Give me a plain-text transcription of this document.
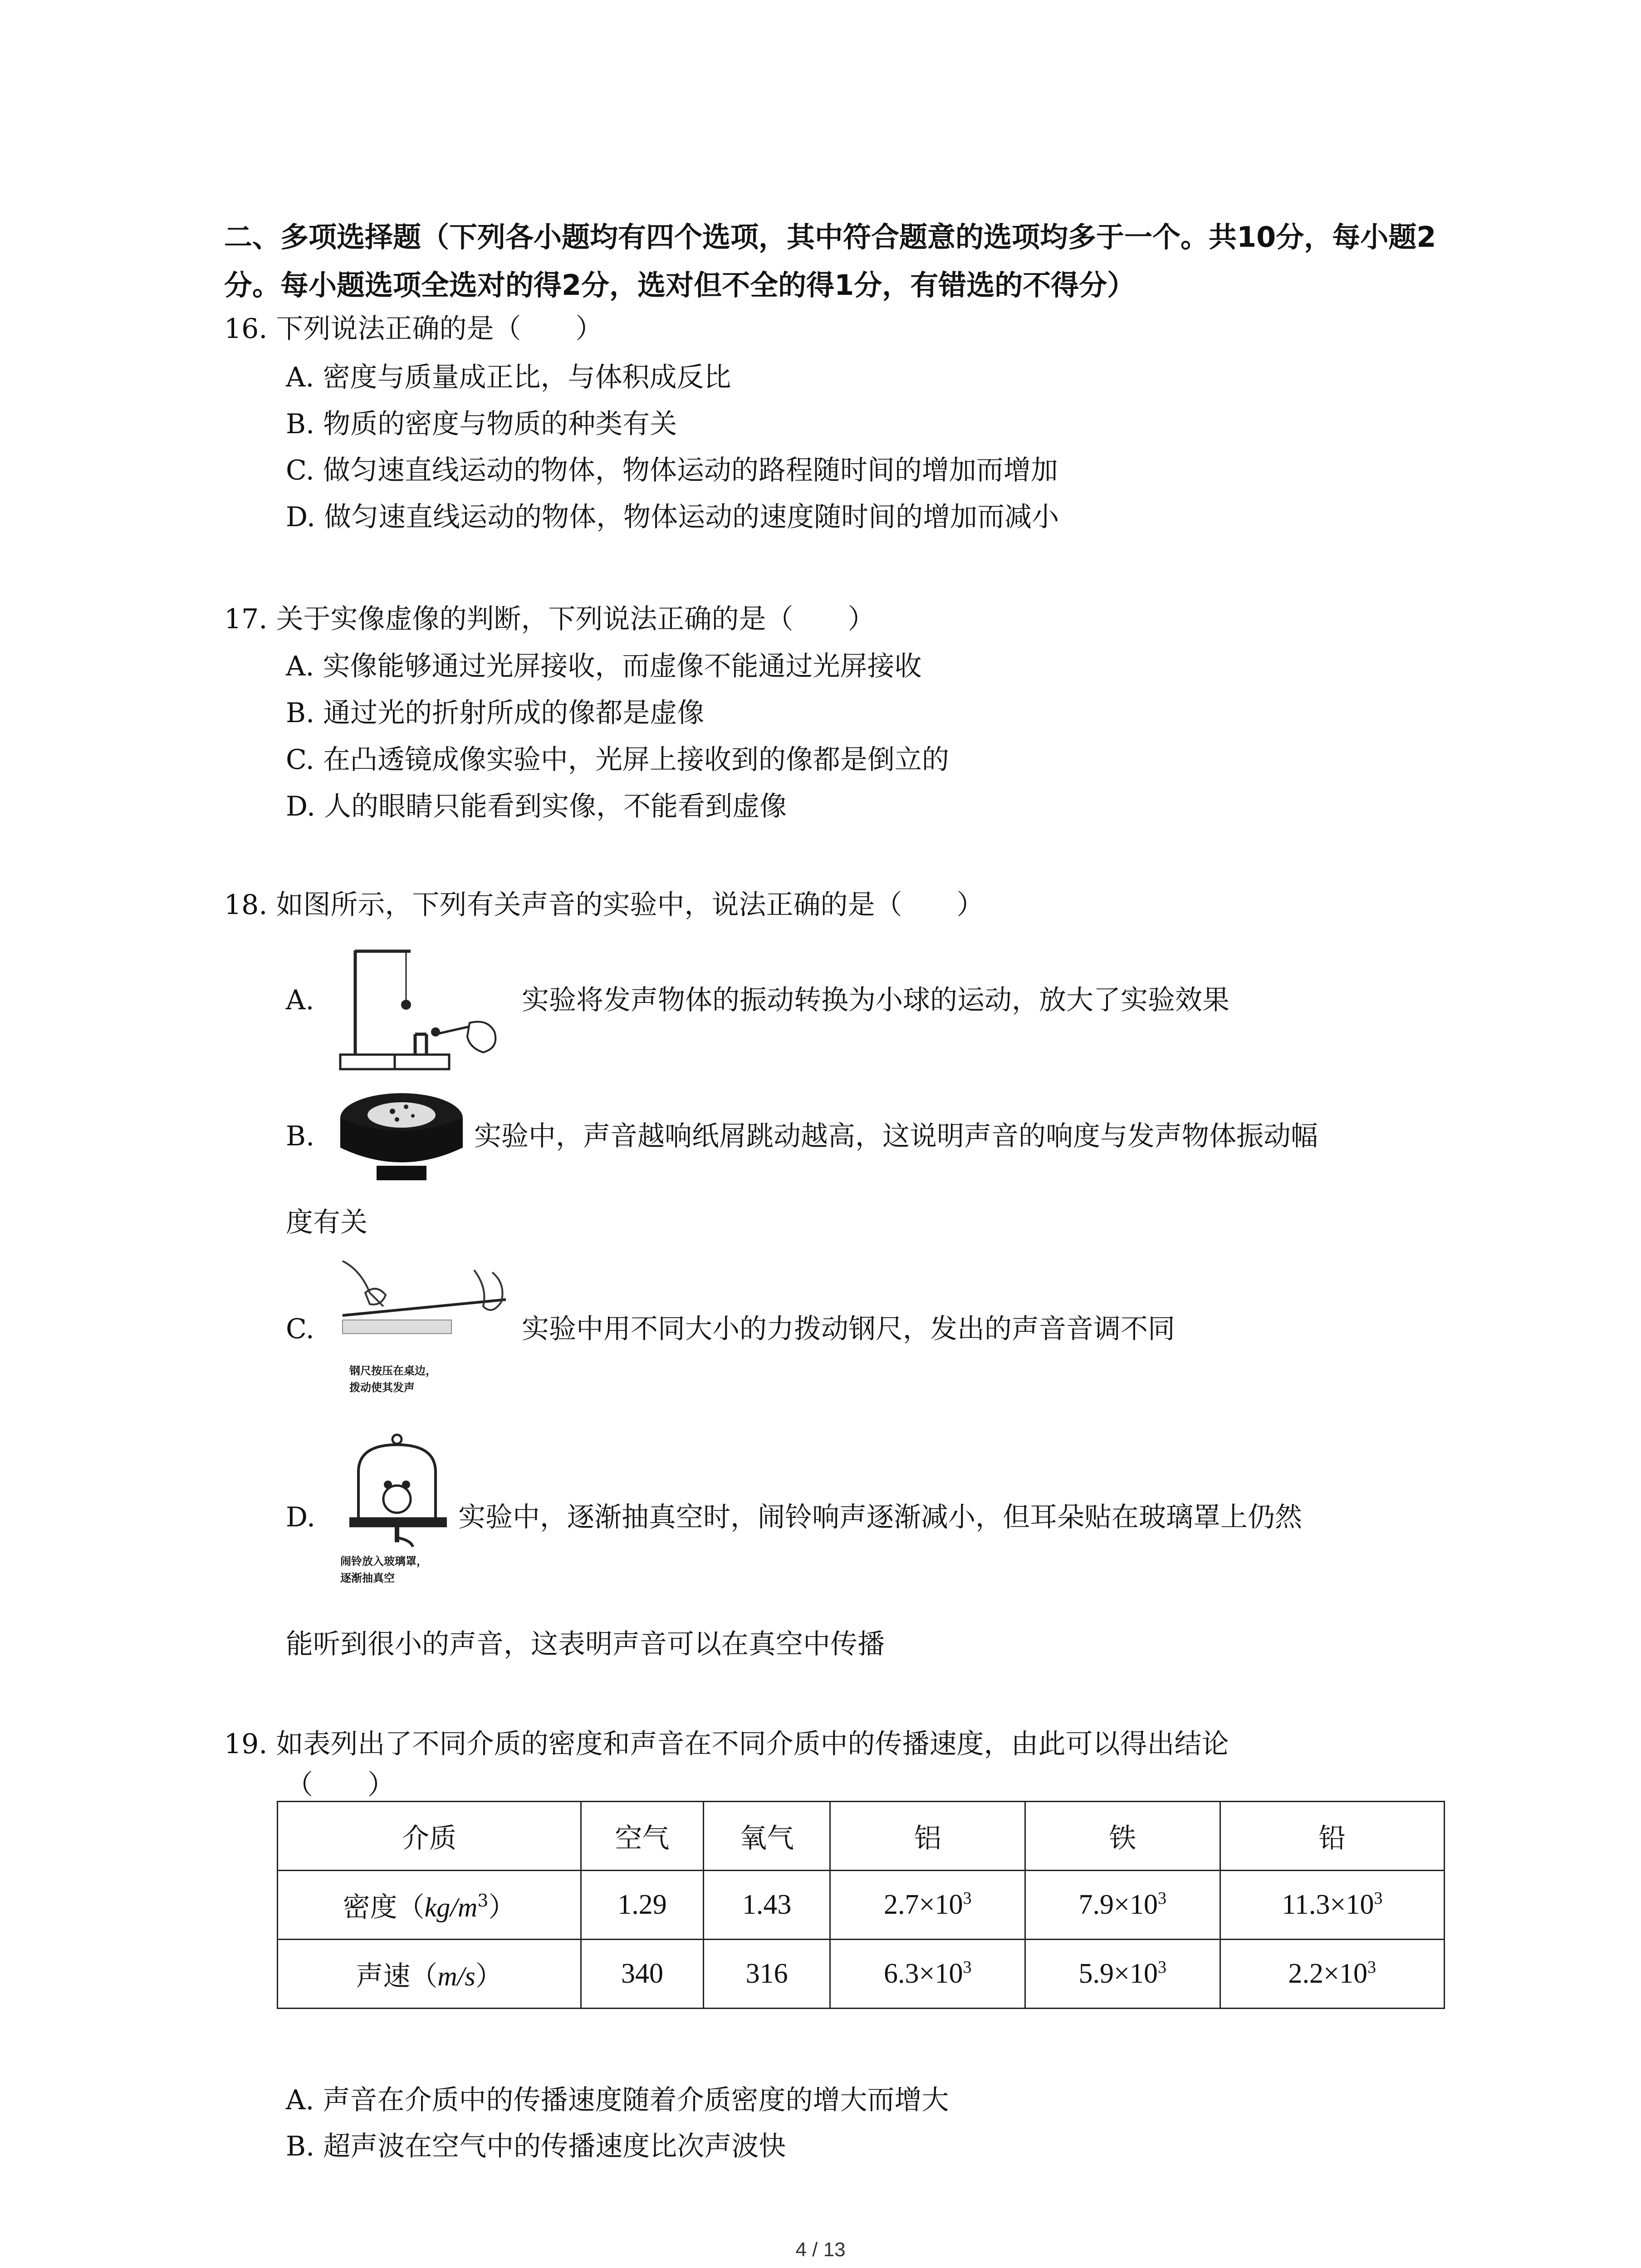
二、多项选择题（下列各小题均有四个选项，其中符合题意的选项均多于一个。共10分，每小题2分。每小题选项全选对的得2分，选对但不全的得1分，有错选的不得分）
16. 下列说法正确的是（　　）
A. 密度与质量成正比，与体积成反比
B. 物质的密度与物质的种类有关
C. 做匀速直线运动的物体，物体运动的路程随时间的增加而增加
D. 做匀速直线运动的物体，物体运动的速度随时间的增加而减小
17. 关于实像虚像的判断，下列说法正确的是（　　）
A. 实像能够通过光屏接收，而虚像不能通过光屏接收
B. 通过光的折射所成的像都是虚像
C. 在凸透镜成像实验中，光屏上接收到的像都是倒立的
D. 人的眼睛只能看到实像，不能看到虚像
18. 如图所示，下列有关声音的实验中，说法正确的是（　　）
A.	实验将发声物体的振动转换为小球的运动，放大了实验效果
B.	实验中，声音越响纸屑跳动越高，这说明声音的响度与发声物体振动幅
度有关
C.
钢尺按压在桌边，
拨动使其发声
实验中用不同大小的力拨动钢尺，发出的声音音调不同
D.
闹铃放入玻璃罩，
逐渐抽真空
实验中，逐渐抽真空时，闹铃响声逐渐减小，但耳朵贴在玻璃罩上仍然
能听到很小的声音，这表明声音可以在真空中传播
19. 如表列出了不同介质的密度和声音在不同介质中的传播速度，由此可以得出结论
（　　）
介质	空气	氧气	铝	铁	铅
密度$(kg/m^3)$	1.29	1.43	$2.7\times 10^3$	$7.9\times 10^3$	$11.3\times 10^3$
声速（m/s）	340	316	$6.3\times 10^3$	$5.9\times 10^3$	$2.2\times 10^3$
A. 声音在介质中的传播速度随着介质密度的增大而增大
B. 超声波在空气中的传播速度比次声波快
4 / 13
